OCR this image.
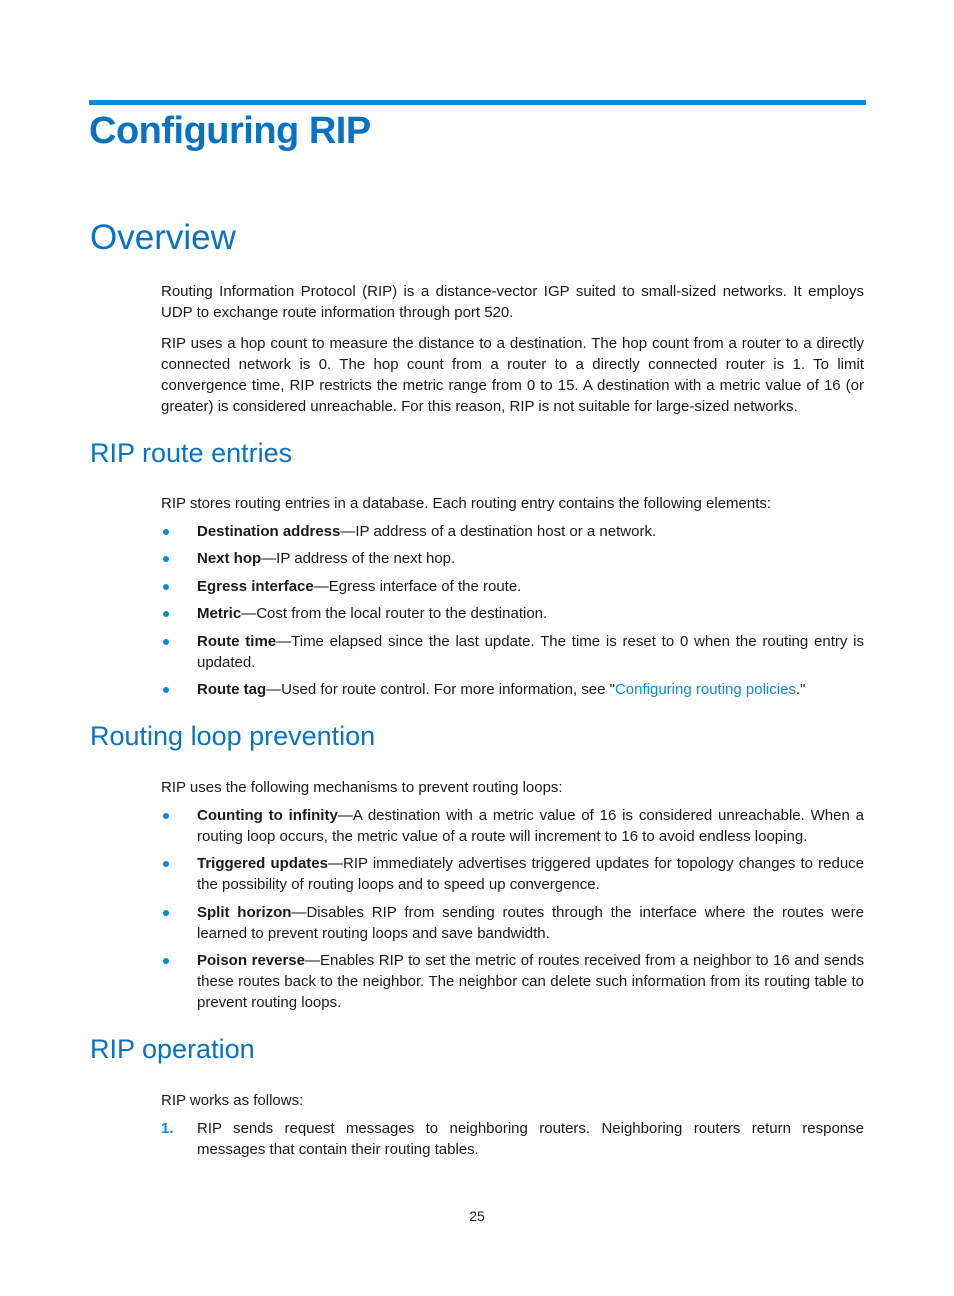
Configuring RIP
Overview

Routing Information Protocol (RIP) is a distance-vector IGP suited to small-sized networks. It employs UDP to exchange route information through port 520.

RIP uses a hop count to measure the distance to a destination. The hop count from a router to a directly connected network is 0. The hop count from a router to a directly connected router is 1. To limit convergence time, RIP restricts the metric range from 0 to 15. A destination with a metric value of 16 (or greater) is considered unreachable. For this reason, RIP is not suitable for large-sized networks.

RIP route entries

RIP stores routing entries in a database. Each routing entry contains the following elements:

Destination address—IP address of a destination host or a network.

Next hop—IP address of the next hop.

Egress interface—Egress interface of the route.

Metric—Cost from the local router to the destination.

Route time—Time elapsed since the last update. The time is reset to 0 when the routing entry is updated.

Route tag—Used for route control. For more information, see "Configuring routing policies."

Routing loop prevention

RIP uses the following mechanisms to prevent routing loops:

Counting to infinity—A destination with a metric value of 16 is considered unreachable. When a routing loop occurs, the metric value of a route will increment to 16 to avoid endless looping.

Triggered updates—RIP immediately advertises triggered updates for topology changes to reduce the possibility of routing loops and to speed up convergence.

Split horizon—Disables RIP from sending routes through the interface where the routes were learned to prevent routing loops and save bandwidth.

Poison reverse—Enables RIP to set the metric of routes received from a neighbor to 16 and sends these routes back to the neighbor. The neighbor can delete such information from its routing table to prevent routing loops.

RIP operation

RIP works as follows:

1. RIP sends request messages to neighboring routers. Neighboring routers return response messages that contain their routing tables.

25
